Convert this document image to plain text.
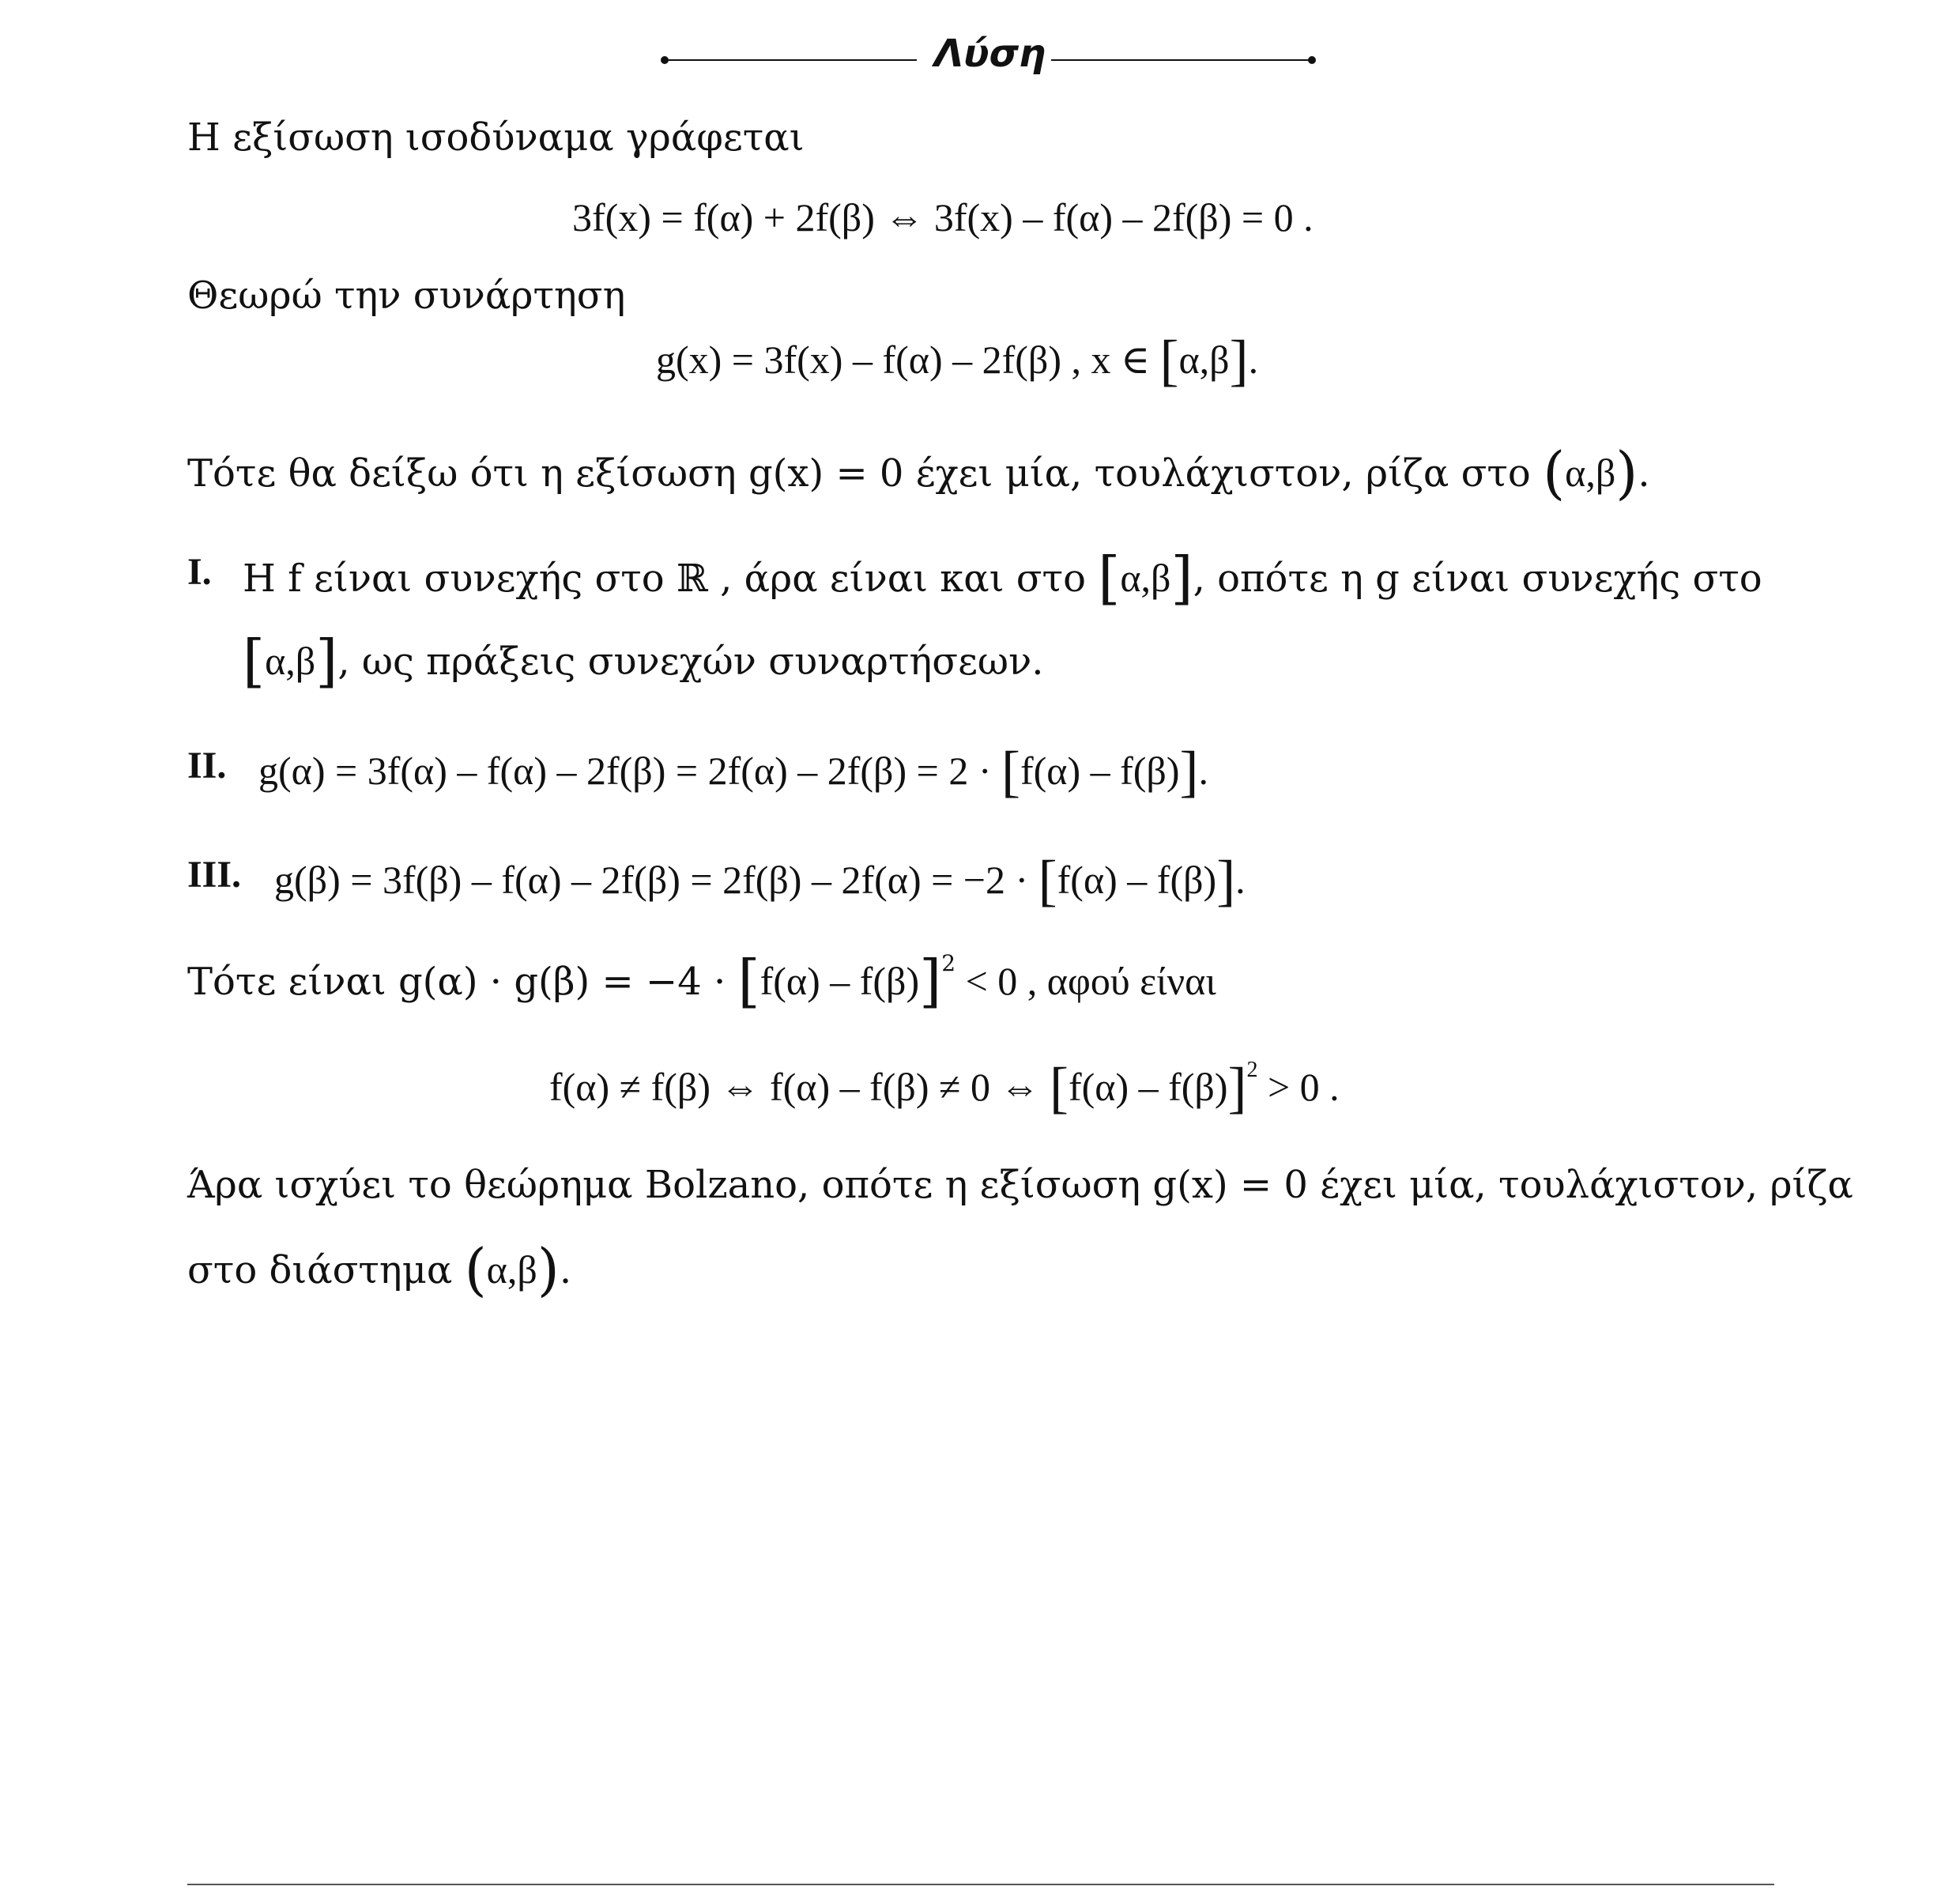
Λύση
Η εξίσωση ισοδύναμα γράφεται
3f(x) = f(α) + 2f(β) ⇔ 3f(x) – f(α) – 2f(β) = 0 .
Θεωρώ την συνάρτηση
g(x) = 3f(x) – f(α) – 2f(β) , x ∈ [α,β].
Τότε θα δείξω ότι η εξίσωση g(x) = 0 έχει μία, τουλάχιστον, ρίζα στο (α,β).
I. Η f είναι συνεχής στο ℝ , άρα είναι και στο [α,β], οπότε η g είναι συνεχής στο
[α,β], ως πράξεις συνεχών συναρτήσεων.
II. g(α) = 3f(α) – f(α) – 2f(β) = 2f(α) – 2f(β) = 2 · [f(α) – f(β)].
III. g(β) = 3f(β) – f(α) – 2f(β) = 2f(β) – 2f(α) = −2 · [f(α) – f(β)].
Τότε είναι g(α) · g(β) = −4 · [f(α) – f(β)]$^2$ < 0 , αφού είναι
f(α) ≠ f(β) ⇔ f(α) – f(β) ≠ 0 ⇔ [f(α) – f(β)]$^2$ > 0 .
Άρα ισχύει το θεώρημα Bolzano, οπότε η εξίσωση g(x) = 0 έχει μία, τουλάχιστον, ρίζα
στο διάστημα (α,β).
